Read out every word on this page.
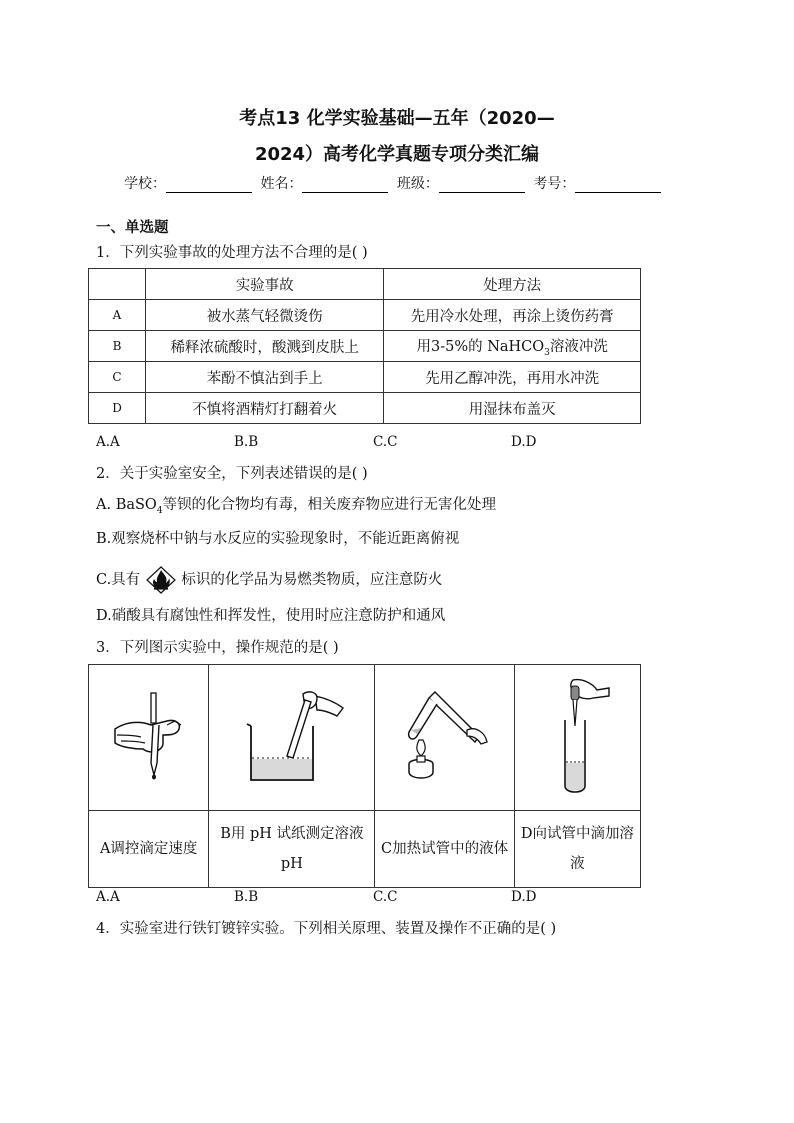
考点13 化学实验基础—五年（2020—
2024）高考化学真题专项分类汇编
学校：	姓名：	班级：	考号：
一、单选题
1．下列实验事故的处理方法不合理的是( )
	实验事故	处理方法
A	被水蒸气轻微烫伤	先用冷水处理，再涂上烫伤药膏
B	稀释浓硫酸时，酸溅到皮肤上	用3-5%的 NaHCO$_3$溶液冲洗
C	苯酚不慎沾到手上	先用乙醇冲洗，再用水冲洗
D	不慎将酒精灯打翻着火	用湿抹布盖灭
A.A	B.B	C.C	D.D
2．关于实验室安全，下列表述错误的是( )
A. BaSO$_4$等钡的化合物均有毒，相关废弃物应进行无害化处理
B.观察烧杯中钠与水反应的实验现象时，不能近距离俯视
C.具有	标识的化学品为易燃类物质，应注意防火
D.硝酸具有腐蚀性和挥发性，使用时应注意防护和通风
3．下列图示实验中，操作规范的是( )

A调控滴定速度	B用 pH 试纸测定溶液 pH	C加热试管中的液体	D向试管中滴加溶液
A.A	B.B	C.C	D.D
4．实验室进行铁钉镀锌实验。下列相关原理、装置及操作不正确的是( )
